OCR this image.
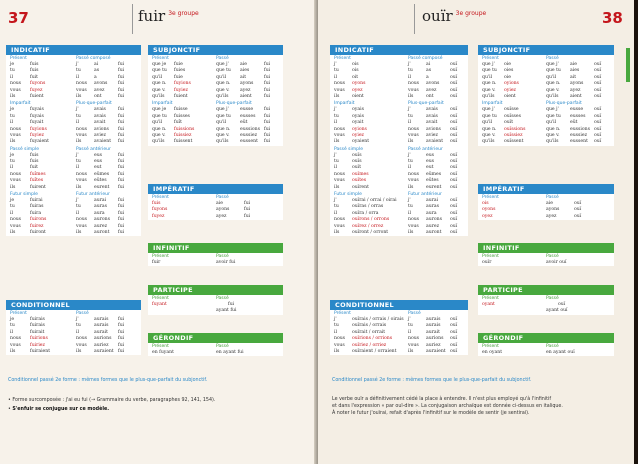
37	fuir $^{3e groupe}$
INDICATIF
Présent	Passé composé
je	fuis	j'	ai	fui
tu	fuis	tu	as	fui
il	fuit	il	a	fui
nous fuyons	nous avons fui
vous fuyez	vous avez	fui
ils	fuient	ils	ont	fui
Imparfait	Plus-que-parfait
je	fuyais	j'	avais	fui
tu	fuyais	tu	avais	fui
il	fuyait	il	avait	fui
nous fuyions	nous avions fui
vous fuyiez	vous aviez	fui
ils	fuyaient	ils	avaient fui
Passé simple	Passé antérieur
je	fuis	j'	eus	fui
tu	fuis	tu	eus	fui
il	fuit	il	eut	fui
nous fuîmes	nous eûmes fui
vous fuîtes	vous eûtes fui
ils	fuirent	ils	eurent fui
Futur simple	Futur antérieur
je	fuirai	j'	aurai	fui
tu	fuiras	tu	auras fui
il	fuira	il	aura	fui
nous fuirons	nous aurons fui
vous fuirez	vous aurez fui
ils	fuiront	ils	auront fui
CONDITIONNEL
Présent	Passé
je	fuirais	j'	aurais fui
tu	fuirais	tu	aurais fui
il	fuirait	il	aurait fui
nous fuirions	nous aurions fui
vous fuiriez	vous auriez fui
ils	fuiraient	ils	auraient fui
SUBJONCTIF
Présent	Passé
que je fuie	que j' aie	fui
que tu fuies	que tu aies	fui
qu'il	fuie	qu'il	ait	fui
que n. fuyions	que n. ayons fui
que v. fuyiez	que v. ayez	fui
qu'ils fuient	qu'ils	aient	fui
Imparfait	Plus-que-parfait
que je fuisse	que j' eusse fui
que tu fuisses	que tu eusses fui
qu'il	fuît	qu'il	eût	fui
que n. fuissions	que n. eussions fui
que v. fuissiez	que v. eussiez fui
qu'ils fuissent	qu'ils	eussent fui
IMPÉRATIF
Présent	Passé
fuis	aie	fui
fuyons	ayons	fui
fuyez	ayez	fui
INFINITIF
Présent	Passé
fuir	avoir fui
PARTICIPE
Présent	Passé
fuyant	fui
ayant fui
GÉRONDIF
Présent	Passé
en fuyant	en ayant fui
Conditionnel passé 2e forme : mêmes formes que le plus-que-parfait du subjonctif.
• Forme surcomposée : j'ai eu fui (→ Grammaire du verbe, paragraphes 92, 141, 154).
• S'enfuir se conjugue sur ce modèle.
ouïr $^{3e groupe}$	38
INDICATIF
Présent	Passé composé
j'	ois	j'	ai	ouï
tu	ois	tu	as	ouï
il	oit	il	a	ouï
nous oyons	nous avons ouï
vous oyez	vous avez	ouï
ils	oient	ils	ont	ouï
Imparfait	Plus-que-parfait
j'	oyais	j'	avais	ouï
tu	oyais	tu	avais	ouï
il	oyait	il	avait	ouï
nous oyions	nous avions ouï
vous oyiez	vous aviez	ouï
ils	oyaient	ils	avaient ouï
Passé simple	Passé antérieur
j'	ouïs	j'	eus	ouï
tu	ouïs	tu	eus	ouï
il	ouït	il	eut	ouï
nous ouïmes	nous eûmes ouï
vous ouïtes	vous eûtes ouï
ils	ouïrent	ils	eurent ouï
Futur simple	Futur antérieur
j'	ouïrai / orrai / oirai j'	aurai	ouï
tu	ouïras / orras	tu	auras ouï
il	ouïra / orra	il	aura	ouï
nous ouïrons / orrons	nous aurons ouï
vous ouïrez / orrez	vous aurez ouï
ils	ouïront / orront	ils	auront ouï
CONDITIONNEL
Présent	Passé
j'	ouïrais / orrais / oirais j'	aurais ouï
tu	ouïrais / orrais	tu	aurais ouï
il	ouïrait / orrait	il	aurait ouï
nous ouïrions / orrions	nous aurions ouï
vous ouïriez / orriez	vous auriez ouï
ils	ouïraient / orraient	ils	auraient ouï
SUBJONCTIF
Présent	Passé
que j' oie	que j' aie	ouï
que tu oies	que tu aies	ouï
qu'il	oie	qu'il	ait	ouï
que n. oyions	que n. ayons ouï
que v. oyiez	que v. ayez	ouï
qu'ils oient	qu'ils	aient	ouï
Imparfait	Plus-que-parfait
que j' ouïsse	que j' eusse ouï
que tu ouïsses	que tu eusses ouï
qu'il	ouït	qu'il	eût	ouï
que n. ouïssions	que n. eussions ouï
que v. ouïssiez	que v. eussiez ouï
qu'ils ouïssent	qu'ils	eussent ouï
IMPÉRATIF
Présent	Passé
ois	aie	ouï
oyons	ayons	ouï
oyez	ayez	ouï
INFINITIF
Présent	Passé
ouïr	avoir ouï
PARTICIPE
Présent	Passé
oyant	ouï
ayant ouï
GÉRONDIF
Présent	Passé
en oyant	en ayant ouï
Conditionnel passé 2e forme : mêmes formes que le plus-que-parfait du subjonctif.
Le verbe ouïr a définitivement cédé la place à entendre. Il n'est plus employé qu'à l'infinitif
et dans l'expression « par ouï-dire ». La conjugaison archaïque est donnée ci-dessus en italique.
À noter le futur j'ouïrai, refait d'après l'infinitif sur le modèle de sentir (je sentirai).
